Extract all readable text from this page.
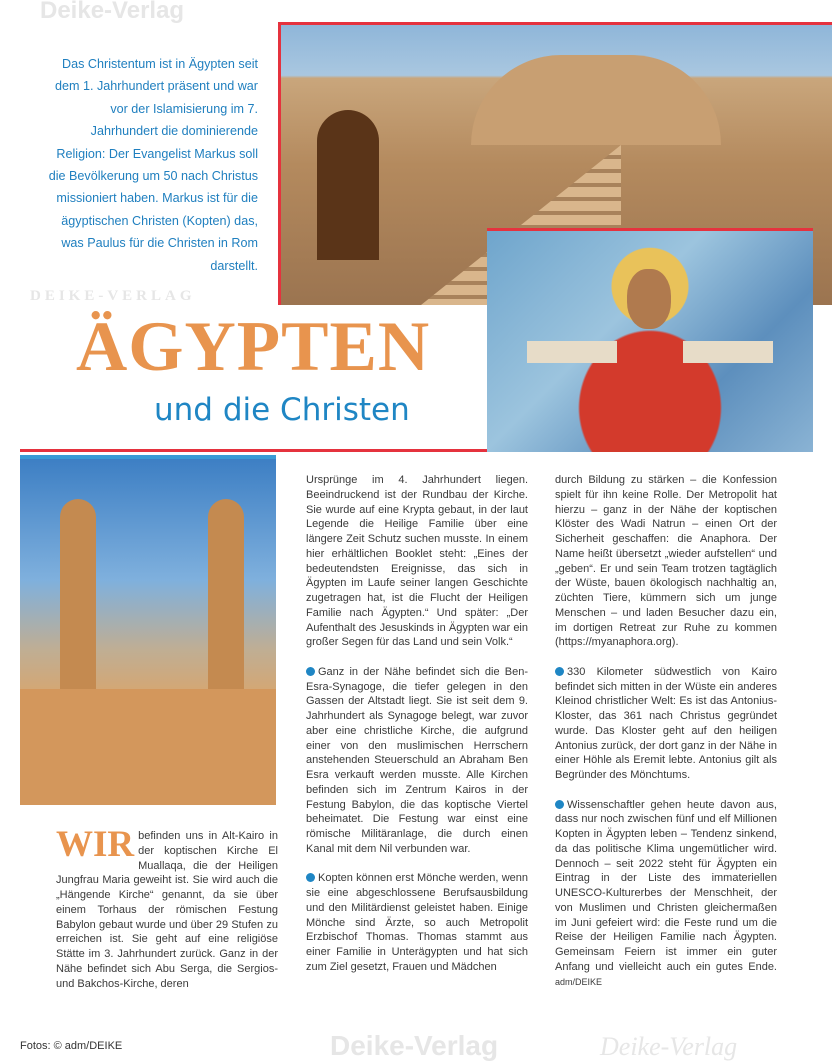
Deike-Verlag
DEIKE-VERLAG
Deike-Verlag	Deike-Verlag
Das Christentum ist in Ägypten seit dem 1. Jahrhundert präsent und war vor der Islamisierung im 7. Jahrhundert die dominierende Religion: Der Evangelist Markus soll die Bevölkerung um 50 nach Christus missioniert haben. Markus ist für die ägyptischen Christen (Kopten) das, was Paulus für die Christen in Rom darstellt.
ÄGYPTEN
und die Christen

WIR befinden uns in Alt-Kairo in der koptischen Kirche El Muallaqa, die der Heiligen Jungfrau Maria geweiht ist. Sie wird auch die „Hängende Kirche“ genannt, da sie über einem Torhaus der römischen Festung Babylon gebaut wurde und über 29 Stufen zu erreichen ist. Sie geht auf eine religiöse Stätte im 3. Jahrhundert zurück. Ganz in der Nähe befindet sich Abu Serga, die Sergios- und Bakchos-Kirche, deren

Ursprünge im 4. Jahrhundert liegen. Beeindruckend ist der Rundbau der Kirche. Sie wurde auf eine Krypta gebaut, in der laut Legende die Heilige Familie über eine längere Zeit Schutz suchen musste. In einem hier erhältlichen Booklet steht: „Eines der bedeutendsten Ereignisse, das sich in Ägypten im Laufe seiner langen Geschichte zugetragen hat, ist die Flucht der Heiligen Familie nach Ägypten.“ Und später: „Der Aufenthalt des Jesuskinds in Ägypten war ein großer Segen für das Land und sein Volk.“

Ganz in der Nähe befindet sich die Ben-Esra-Synagoge, die tiefer gelegen in den Gassen der Altstadt liegt. Sie ist seit dem 9. Jahrhundert als Synagoge belegt, war zuvor aber eine christliche Kirche, die aufgrund einer von den muslimischen Herrschern anstehenden Steuerschuld an Abraham Ben Esra verkauft werden musste. Alle Kirchen befinden sich im Zentrum Kairos in der Festung Babylon, die das koptische Viertel beheimatet. Die Festung war einst eine römische Militäranlage, die durch einen Kanal mit dem Nil verbunden war.

Kopten können erst Mönche werden, wenn sie eine abgeschlossene Berufsausbildung und den Militärdienst geleistet haben. Einige Mönche sind Ärzte, so auch Metropolit Erzbischof Thomas. Thomas stammt aus einer Familie in Unterägypten und hat sich zum Ziel gesetzt, Frauen und Mädchen

durch Bildung zu stärken – die Konfession spielt für ihn keine Rolle. Der Metropolit hat hierzu – ganz in der Nähe der koptischen Klöster des Wadi Natrun – einen Ort der Sicherheit geschaffen: die Anaphora. Der Name heißt übersetzt „wieder aufstellen“ und „geben“. Er und sein Team trotzen tagtäglich der Wüste, bauen ökologisch nachhaltig an, züchten Tiere, kümmern sich um junge Menschen – und laden Besucher dazu ein, im dortigen Retreat zur Ruhe zu kommen (https://myanaphora.org).

330 Kilometer südwestlich von Kairo befindet sich mitten in der Wüste ein anderes Kleinod christlicher Welt: Es ist das Antonius-Kloster, das 361 nach Christus gegründet wurde. Das Kloster geht auf den heiligen Antonius zurück, der dort ganz in der Nähe in einer Höhle als Eremit lebte. Antonius gilt als Begründer des Mönchtums.

Wissenschaftler gehen heute davon aus, dass nur noch zwischen fünf und elf Millionen Kopten in Ägypten leben – Tendenz sinkend, da das politische Klima ungemütlicher wird. Dennoch – seit 2022 steht für Ägypten ein Eintrag in der Liste des immateriellen UNESCO-Kulturerbes der Menschheit, der von Muslimen und Christen gleichermaßen im Juni gefeiert wird: die Feste rund um die Reise der Heiligen Familie nach Ägypten. Gemeinsam Feiern ist immer ein guter Anfang und vielleicht auch ein gutes Ende. adm/DEIKE

Fotos: © adm/DEIKE
